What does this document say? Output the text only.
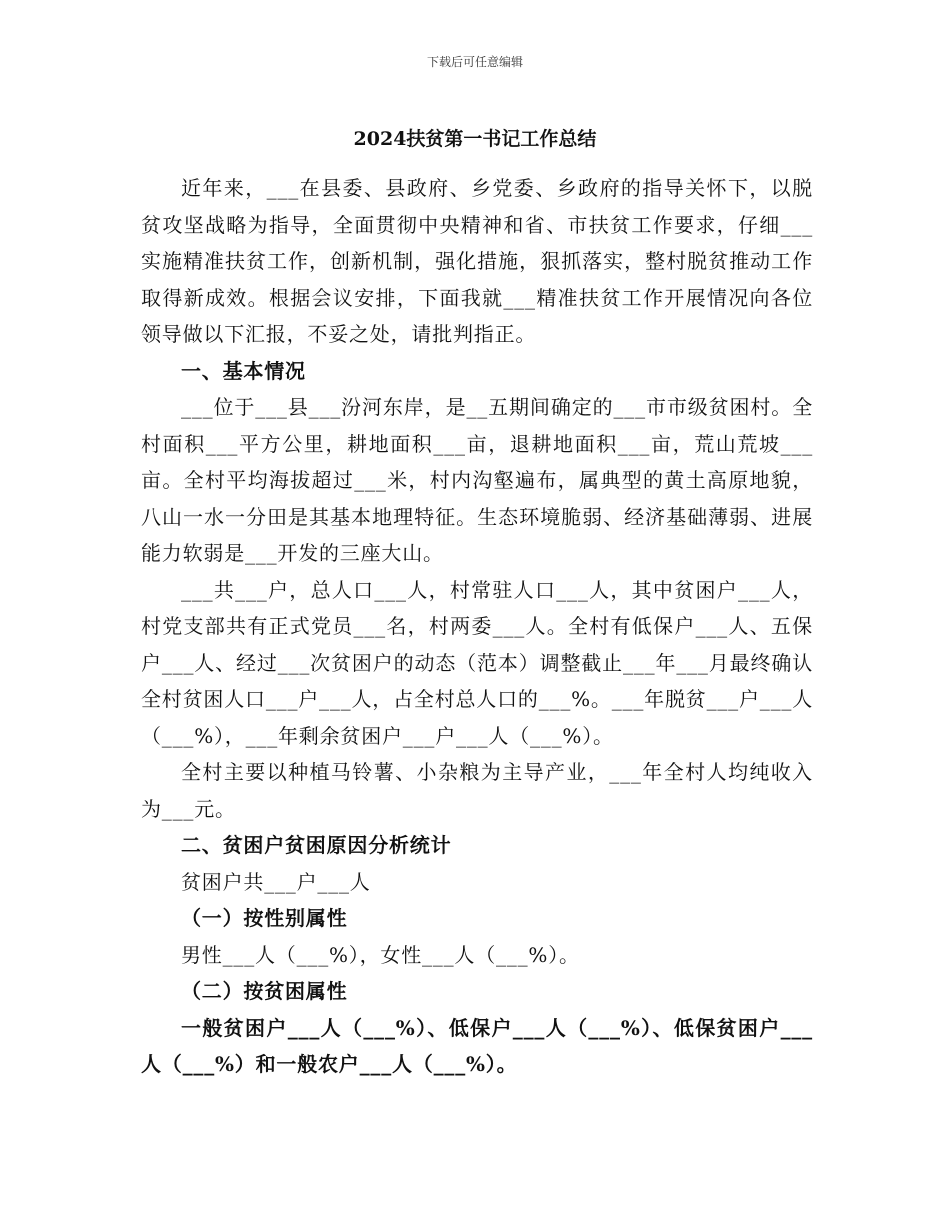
下载后可任意编辑
2024扶贫第一书记工作总结

近年来，___在县委、县政府、乡党委、乡政府的指导关怀下，以脱贫攻坚战略为指导，全面贯彻中央精神和省、市扶贫工作要求，仔细___实施精准扶贫工作，创新机制，强化措施，狠抓落实，整村脱贫推动工作取得新成效。根据会议安排，下面我就___精准扶贫工作开展情况向各位领导做以下汇报，不妥之处，请批判指正。

一、基本情况

___位于___县___汾河东岸，是__五期间确定的___市市级贫困村。全村面积___平方公里，耕地面积___亩，退耕地面积___亩，荒山荒坡___亩。全村平均海拔超过___米，村内沟壑遍布，属典型的黄土高原地貌，八山一水一分田是其基本地理特征。生态环境脆弱、经济基础薄弱、进展能力软弱是___开发的三座大山。

___共___户，总人口___人，村常驻人口___人，其中贫困户___人，村党支部共有正式党员___名，村两委___人。全村有低保户___人、五保户___人、经过___次贫困户的动态（范本）调整截止___年___月最终确认全村贫困人口___户___人，占全村总人口的___%。___年脱贫___户___人（___%），___年剩余贫困户___户___人（___%）。

全村主要以种植马铃薯、小杂粮为主导产业，___年全村人均纯收入为___元。

二、贫困户贫困原因分析统计

贫困户共___户___人

（一）按性别属性

男性___人（___%），女性___人（___%）。

（二）按贫困属性

一般贫困户___人（___%）、低保户___人（___%）、低保贫困户___人（___%）和一般农户___人（___%）。
